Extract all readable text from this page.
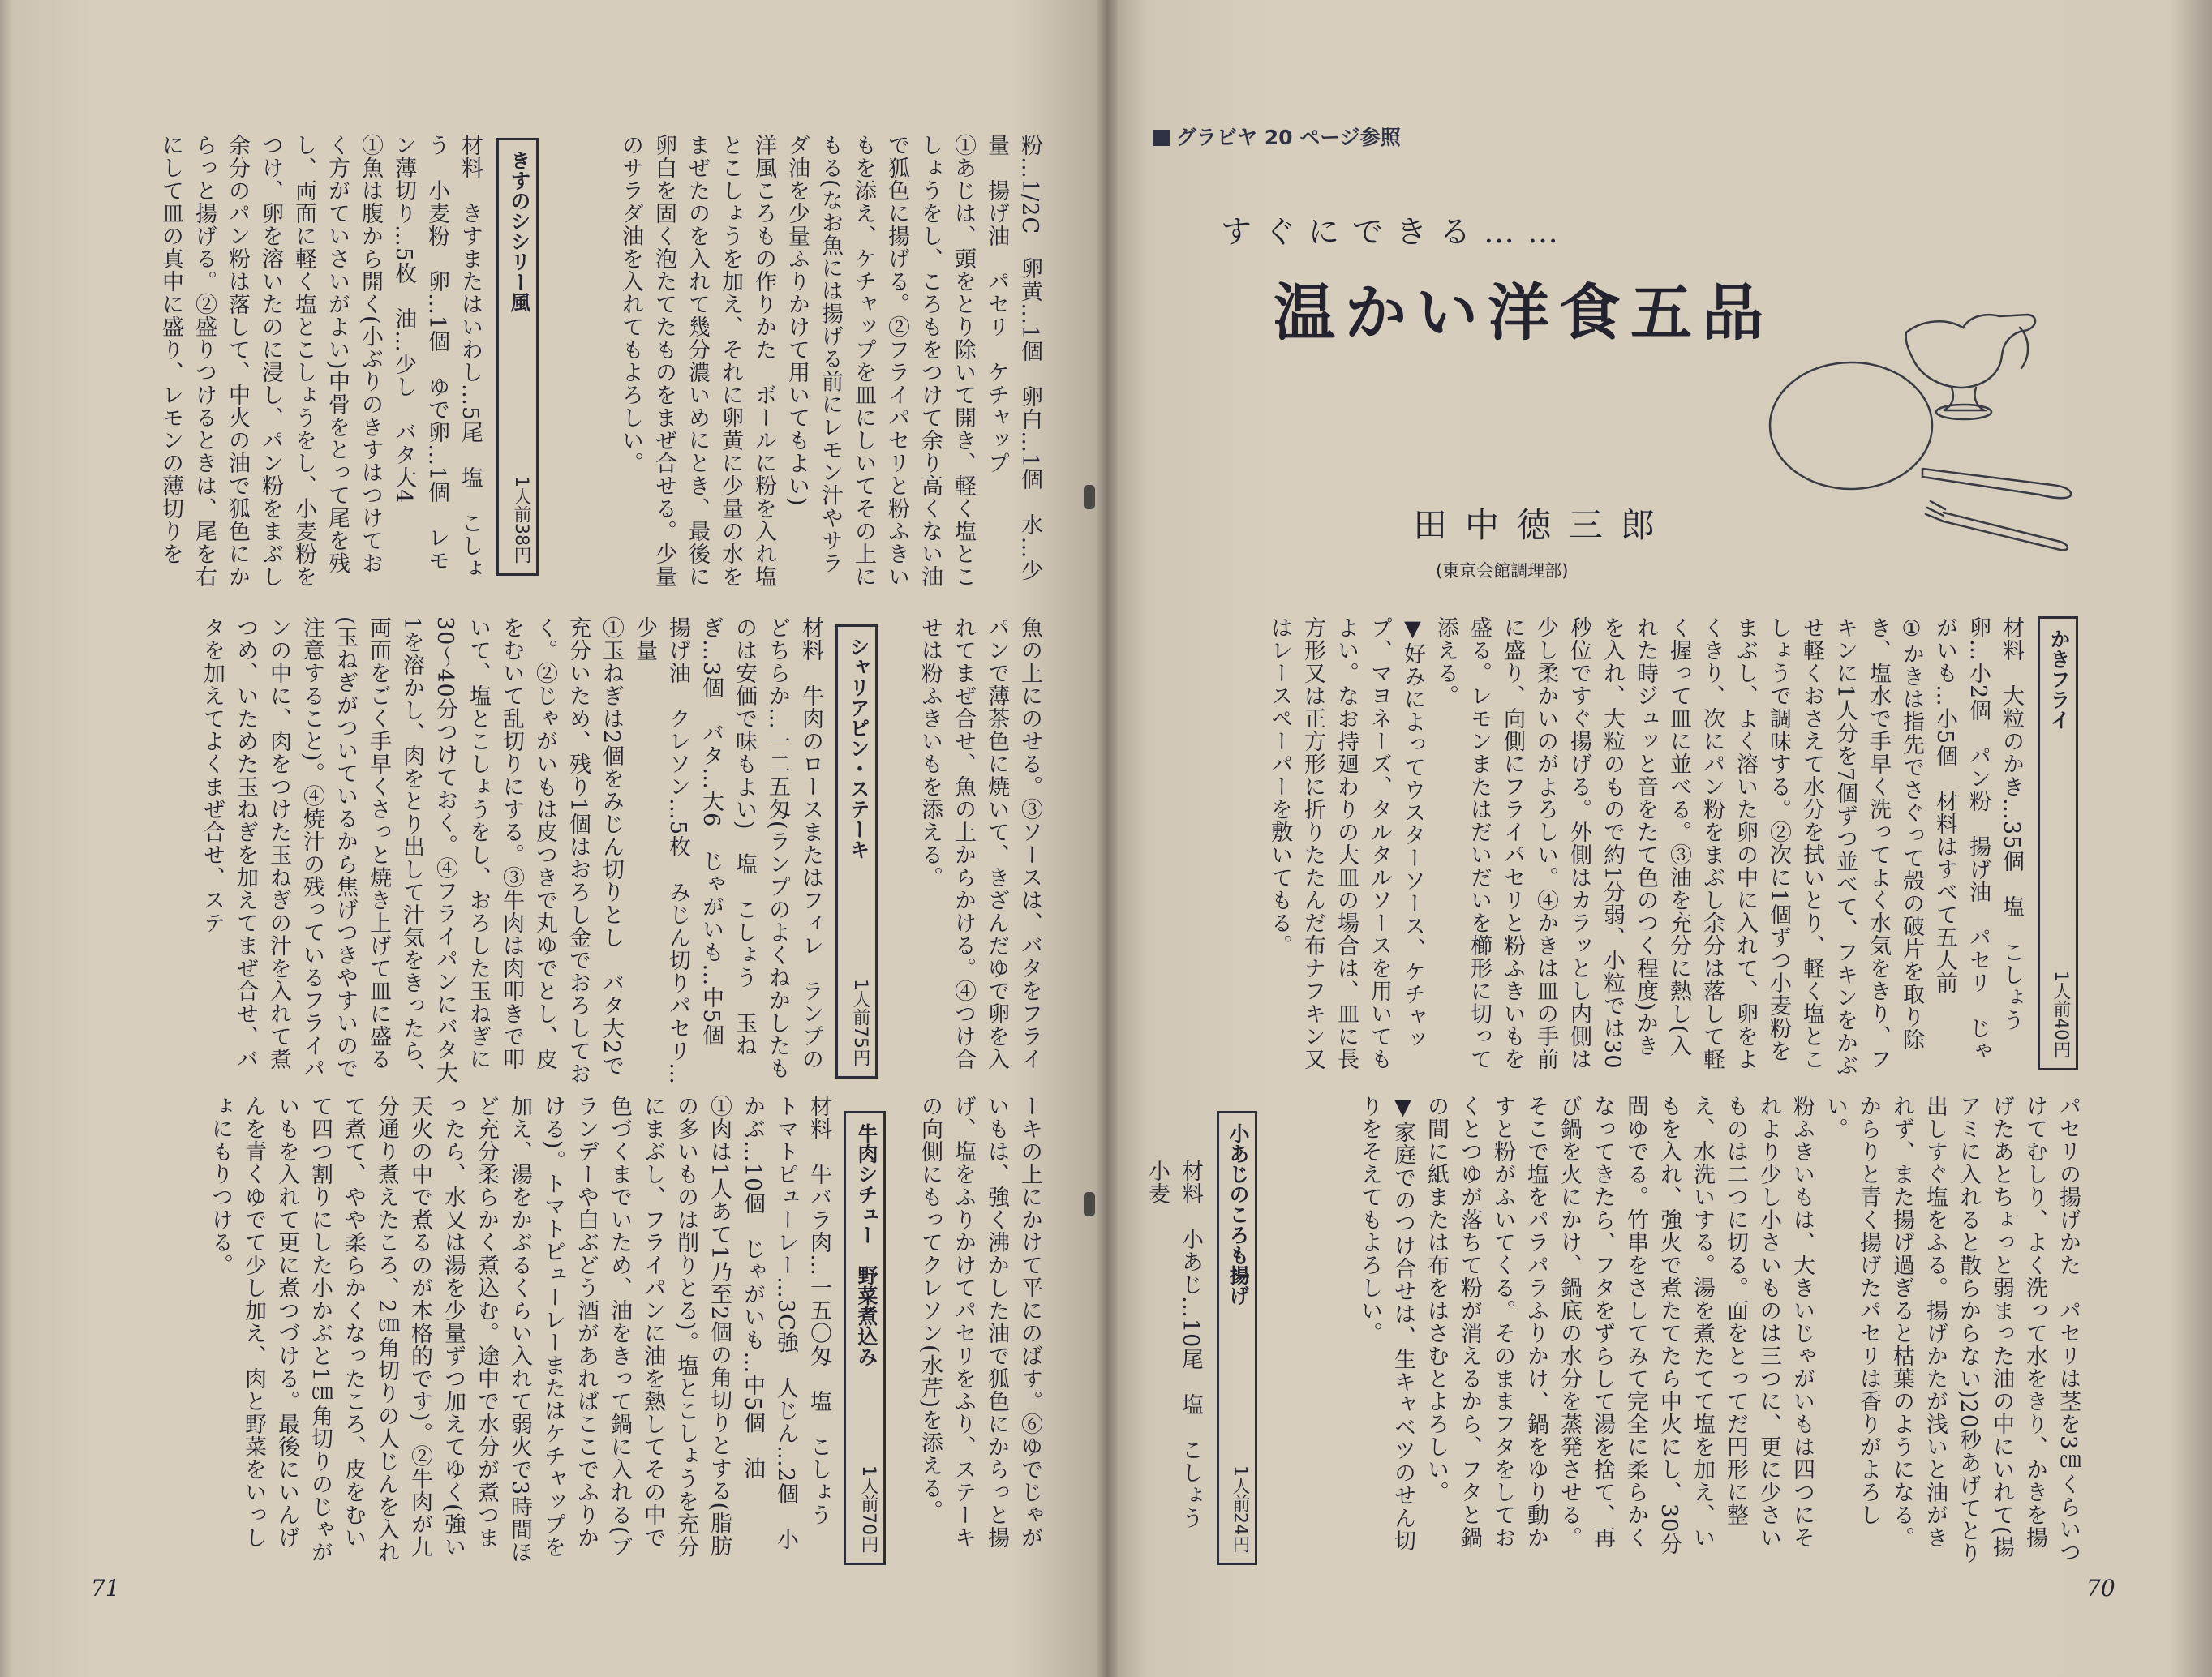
グラビヤ 20 ページ参照
すぐにできる……
温かい洋食五品
田中徳三郎
(東京会館調理部)
かきフライ
1人前40円
材料　大粒のかき…35個　塩　こしょう　卵…小2個　パン粉　揚げ油　パセリ　じゃがいも…小5個　材料はすべて五人前
①かきは指先でさぐって殻の破片を取り除き、塩水で手早く洗ってよく水気をきり、フキンに1人分を7個ずつ並べて、フキンをかぶせ軽くおさえて水分を拭いとり、軽く塩とこしょうで調味する。②次に1個ずつ小麦粉をまぶし、よく溶いた卵の中に入れて、卵をよくきり、次にパン粉をまぶし余分は落して軽く握って皿に並べる。③油を充分に熱し(入れた時ジュッと音をたて色のつく程度)かきを入れ、大粒のもので約1分弱、小粒では30秒位ですぐ揚げる。外側はカラッとし内側は少し柔かいのがよろしい。④かきは皿の手前に盛り、向側にフライパセリと粉ふきいもを盛る。レモンまたはだいだいを櫛形に切って添える。
▼好みによってウスターソース、ケチャップ、マヨネーズ、タルタルソースを用いてもよい。なお持廻わりの大皿の場合は、皿に長方形又は正方形に折りたたんだ布ナフキン又はレースペーパーを敷いてもる。
パセリの揚げかた　パセリは茎を3㎝くらいつけてむしり、よく洗って水をきり、かきを揚げたあとちょっと弱まった油の中にいれて(揚アミに入れると散らからない)20秒あげてとり出しすぐ塩をふる。揚げかたが浅いと油がきれず、また揚げ過ぎると枯葉のようになる。からりと青く揚げたパセリは香りがよろしい。
粉ふきいもは、大きいじゃがいもは四つにそれより少し小さいものは三つに、更に少さいものは二つに切る。面をとってだ円形に整え、水洗いする。湯を煮たてて塩を加え、いもを入れ、強火で煮たてたら中火にし、30分間ゆでる。竹串をさしてみて完全に柔らかくなってきたら、フタをずらして湯を捨て、再び鍋を火にかけ、鍋底の水分を蒸発させる。そこで塩をパラパラふりかけ、鍋をゆり動かすと粉がふいてくる。そのままフタをしておくとつゆが落ちて粉が消えるから、フタと鍋の間に紙または布をはさむとよろしい。
▼家庭でのつけ合せは、生キャベツのせん切りをそえてもよろしい。
小あじのころも揚げ
1人前24円
材料　小あじ…10尾　塩　こしょう　小麦
70
粉…1/2C　卵黄…1個　卵白…1個　水…少量　揚げ油　パセリ　ケチャップ
①あじは、頭をとり除いて開き、軽く塩とこしょうをし、ころもをつけて余り高くない油で狐色に揚げる。②フライパセリと粉ふきいもを添え、ケチャップを皿にしいてその上にもる(なお魚には揚げる前にレモン汁やサラダ油を少量ふりかけて用いてもよい)
洋風ころもの作りかた　ボールに粉を入れ塩とこしょうを加え、それに卵黄に少量の水をまぜたのを入れて幾分濃いめにとき、最後に卵白を固く泡たてたものをまぜ合せる。少量のサラダ油を入れてもよろしい。
きすのシシリー風
1人前38円
材料　きすまたはいわし…5尾　塩　こしょう　小麦粉　卵…1個　ゆで卵…1個　レモン薄切り…5枚　油…少し　バタ大4
①魚は腹から開く(小ぶりのきすはつけておく方がていさいがよい)中骨をとって尾を残し、両面に軽く塩とこしょうをし、小麦粉をつけ、卵を溶いたのに浸し、パン粉をまぶし余分のパン粉は落して、中火の油で狐色にからっと揚げる。②盛りつけるときは、尾を右にして皿の真中に盛り、レモンの薄切りを
魚の上にのせる。③ソースは、バタをフライパンで薄茶色に焼いて、きざんだゆで卵を入れてまぜ合せ、魚の上からかける。④つけ合せは粉ふきいもを添える。
シャリアピン・ステーキ
1人前75円
材料　牛肉のロースまたはフィレ　ランプのどちらか…一二五匁(ランプのよくねかしたものは安価で味もよい)　塩　こしょう　玉ねぎ…3個　バタ…大6　じゃがいも…中5個　揚げ油　クレソン…5枚　みじん切りパセリ…少量
①玉ねぎは2個をみじん切りとし　バタ大2で充分いため、残り1個はおろし金でおろしておく。②じゃがいもは皮つきで丸ゆでとし、皮をむいて乱切りにする。③牛肉は肉叩きで叩いて、塩とこしょうをし、おろした玉ねぎに30～40分つけておく。④フライパンにバタ大1を溶かし、肉をとり出して汁気をきったら、両面をごく手早くさっと焼き上げて皿に盛る(玉ねぎがついているから焦げつきやすいので注意すること)。④焼汁の残っているフライパンの中に、肉をつけた玉ねぎの汁を入れて煮つめ、いためた玉ねぎを加えてまぜ合せ、バタを加えてよくまぜ合せ、ステ
ーキの上にかけて平にのばす。⑥ゆでじゃがいもは、強く沸かした油で狐色にからっと揚げ、塩をふりかけてパセリをふり、ステーキの向側にもってクレソン(水芹)を添える。
牛肉シチュー　野菜煮込み
1人前70円
材料　牛バラ肉…一五〇匁　塩　こしょう　トマトピューレー…3C強　人じん…2個　小かぶ…10個　じゃがいも…中5個　油
①肉は1人あて1乃至2個の角切りとする(脂肪の多いものは削りとる)。塩とこしょうを充分にまぶし、フライパンに油を熱してその中で色づくまでいため、油をきって鍋に入れる(ブランデーや白ぶどう酒があればここでふりかける)。トマトピューレーまたはケチャップを加え、湯をかぶるくらい入れて弱火で3時間ほど充分柔らかく煮込む。途中で水分が煮つまったら、水又は湯を少量ずつ加えてゆく(強い天火の中で煮るのが本格的です)。②牛肉が九分通り煮えたころ、2㎝角切りの人じんを入れて煮て、やや柔らかくなったころ、皮をむいて四つ割りにした小かぶと1㎝角切りのじゃがいもを入れて更に煮つづける。最後にいんげんを青くゆでて少し加え、肉と野菜をいっしょにもりつける。
71
